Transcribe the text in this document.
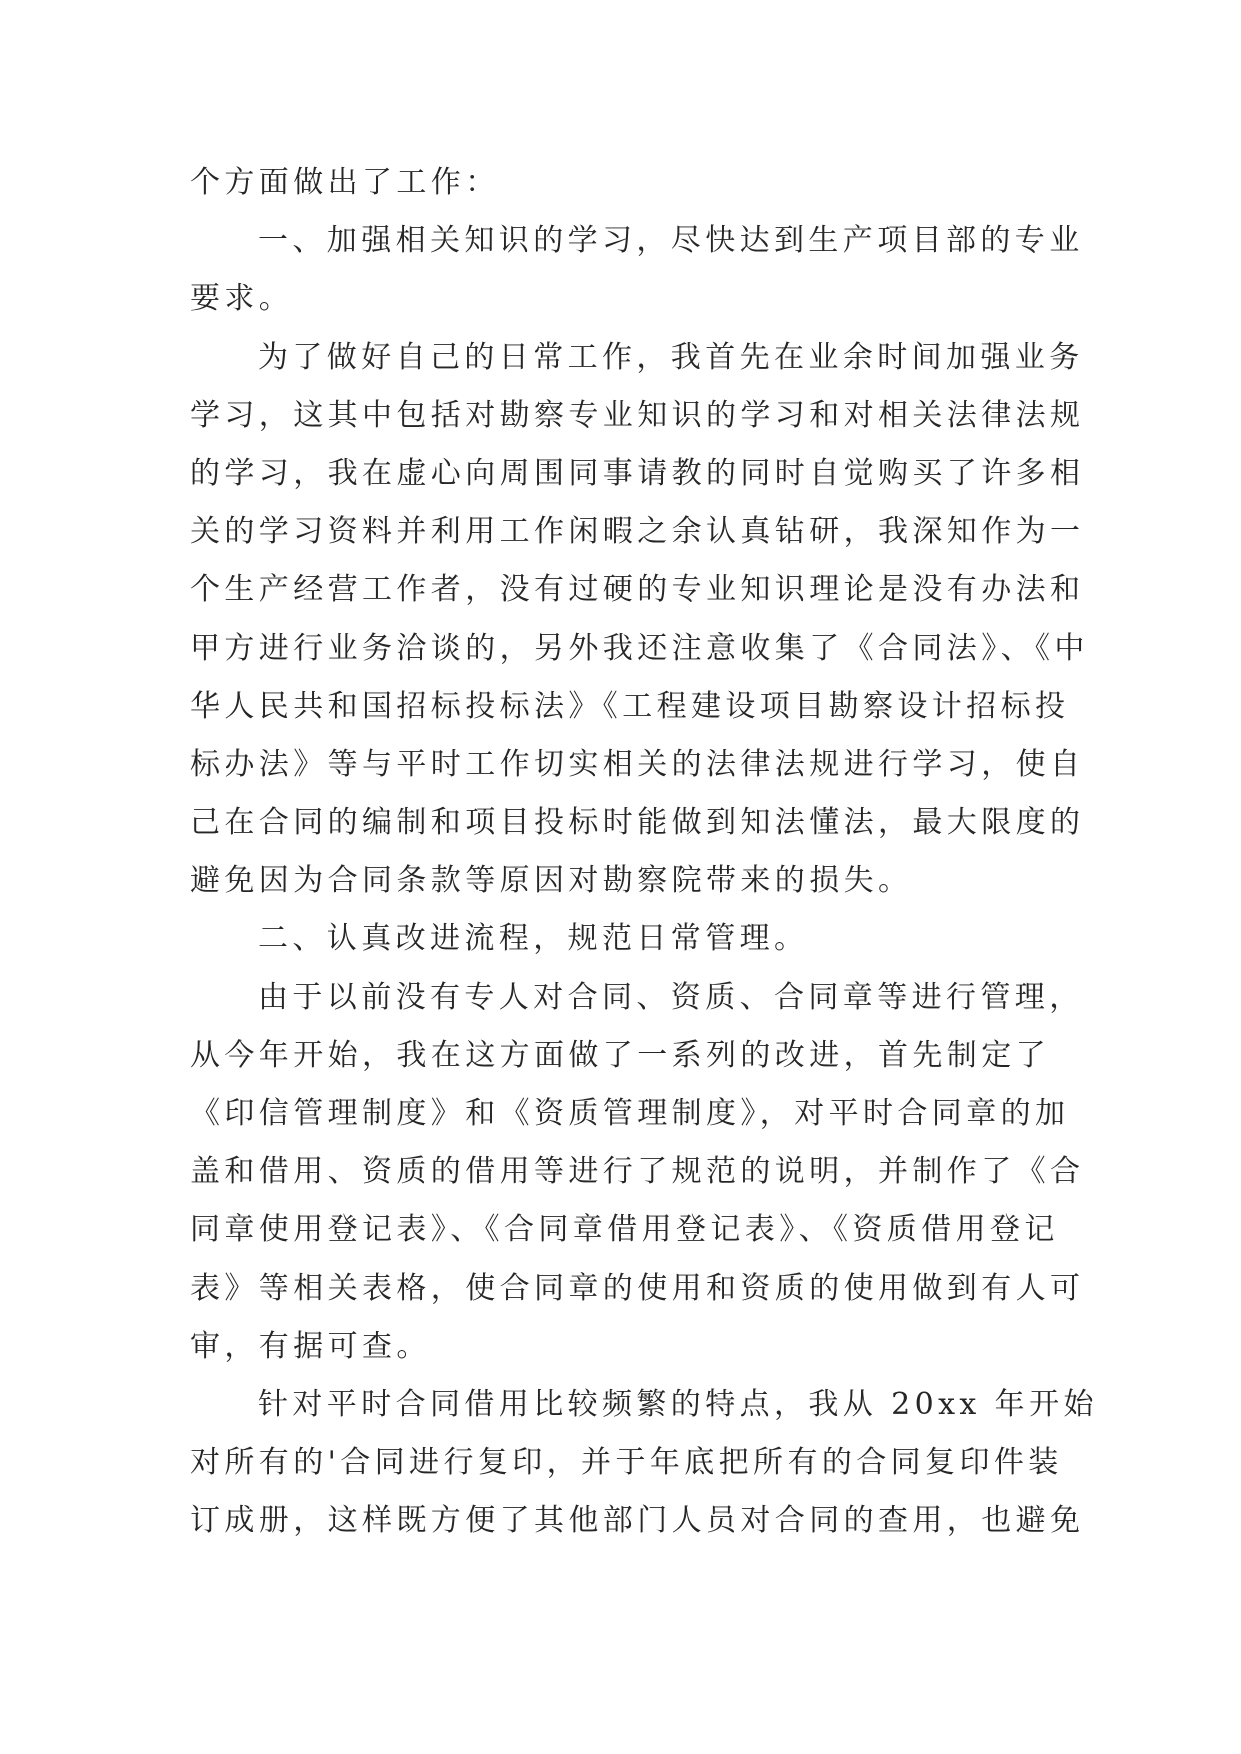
个方面做出了工作：
一、加强相关知识的学习，尽快达到生产项目部的专业
要求。
为了做好自己的日常工作，我首先在业余时间加强业务
学习，这其中包括对勘察专业知识的学习和对相关法律法规
的学习，我在虚心向周围同事请教的同时自觉购买了许多相
关的学习资料并利用工作闲暇之余认真钻研，我深知作为一
个生产经营工作者，没有过硬的专业知识理论是没有办法和
甲方进行业务洽谈的，另外我还注意收集了《合同法》、《中
华人民共和国招标投标法》《工程建设项目勘察设计招标投
标办法》等与平时工作切实相关的法律法规进行学习，使自
己在合同的编制和项目投标时能做到知法懂法，最大限度的
避免因为合同条款等原因对勘察院带来的损失。
二、认真改进流程，规范日常管理。
由于以前没有专人对合同、资质、合同章等进行管理，
从今年开始，我在这方面做了一系列的改进，首先制定了
《印信管理制度》和《资质管理制度》，对平时合同章的加
盖和借用、资质的借用等进行了规范的说明，并制作了《合
同章使用登记表》、《合同章借用登记表》、《资质借用登记
表》等相关表格，使合同章的使用和资质的使用做到有人可
审，有据可查。
针对平时合同借用比较频繁的特点，我从 20xx 年开始
对所有的'合同进行复印，并于年底把所有的合同复印件装
订成册，这样既方便了其他部门人员对合同的查用，也避免
